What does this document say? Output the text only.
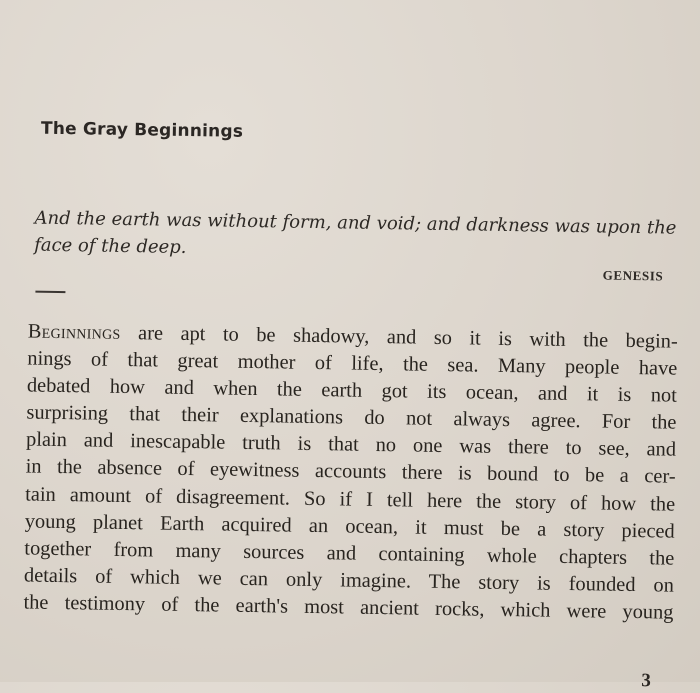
The Gray Beginnings

And the earth was without form, and void; and darkness was upon the face of the deep.

GENESIS

Beginnings are apt to be shadowy, and so it is with the begin-
nings of that great mother of life, the sea. Many people have
debated how and when the earth got its ocean, and it is not
surprising that their explanations do not always agree. For the
plain and inescapable truth is that no one was there to see, and
in the absence of eyewitness accounts there is bound to be a cer-
tain amount of disagreement. So if I tell here the story of how the
young planet Earth acquired an ocean, it must be a story pieced
together from many sources and containing whole chapters the
details of which we can only imagine. The story is founded on
the testimony of the earth's most ancient rocks, which were young

3
